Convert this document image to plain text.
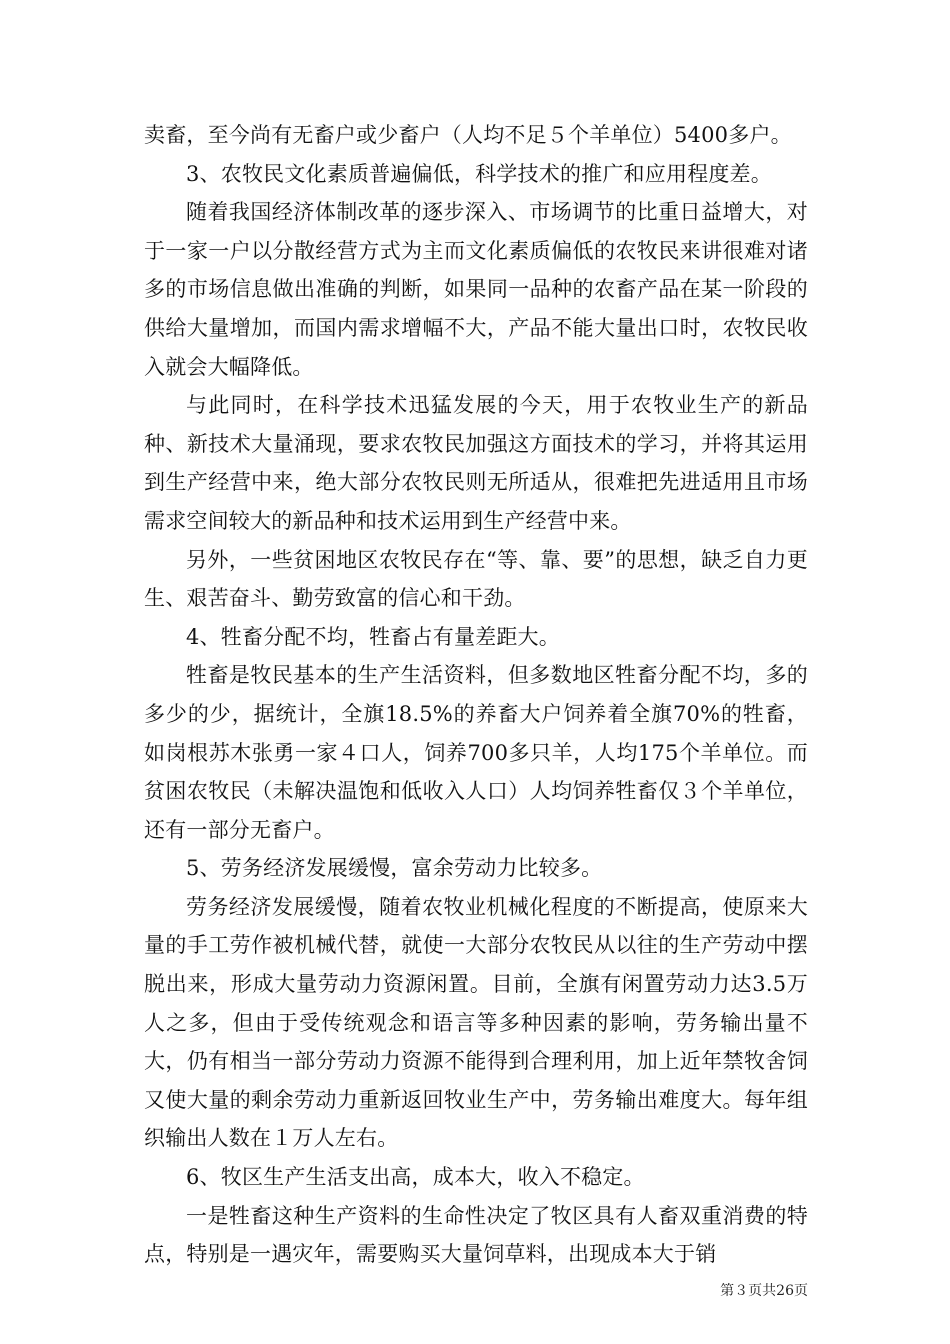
卖畜，至今尚有无畜户或少畜户（人均不足５个羊单位）5400多户。

3、农牧民文化素质普遍偏低，科学技术的推广和应用程度差。

随着我国经济体制改革的逐步深入、市场调节的比重日益增大，对于一家一户以分散经营方式为主而文化素质偏低的农牧民来讲很难对诸多的市场信息做出准确的判断，如果同一品种的农畜产品在某一阶段的供给大量增加，而国内需求增幅不大，产品不能大量出口时，农牧民收入就会大幅降低。

与此同时，在科学技术迅猛发展的今天，用于农牧业生产的新品种、新技术大量涌现，要求农牧民加强这方面技术的学习，并将其运用到生产经营中来，绝大部分农牧民则无所适从，很难把先进适用且市场需求空间较大的新品种和技术运用到生产经营中来。

另外，一些贫困地区农牧民存在“等、靠、要”的思想，缺乏自力更生、艰苦奋斗、勤劳致富的信心和干劲。

4、牲畜分配不均，牲畜占有量差距大。

牲畜是牧民基本的生产生活资料，但多数地区牲畜分配不均，多的多少的少，据统计，全旗18.5%的养畜大户饲养着全旗70%的牲畜，如岗根苏木张勇一家４口人，饲养700多只羊，人均175个羊单位。而贫困农牧民（未解决温饱和低收入人口）人均饲养牲畜仅３个羊单位，还有一部分无畜户。

5、劳务经济发展缓慢，富余劳动力比较多。

劳务经济发展缓慢，随着农牧业机械化程度的不断提高，使原来大量的手工劳作被机械代替，就使一大部分农牧民从以往的生产劳动中摆脱出来，形成大量劳动力资源闲置。目前，全旗有闲置劳动力达3.5万人之多，但由于受传统观念和语言等多种因素的影响，劳务输出量不大，仍有相当一部分劳动力资源不能得到合理利用，加上近年禁牧舍饲又使大量的剩余劳动力重新返回牧业生产中，劳务输出难度大。每年组织输出人数在１万人左右。

6、牧区生产生活支出高，成本大，收入不稳定。

一是牲畜这种生产资料的生命性决定了牧区具有人畜双重消费的特点，特别是一遇灾年，需要购买大量饲草料，出现成本大于销

第３页共26页
